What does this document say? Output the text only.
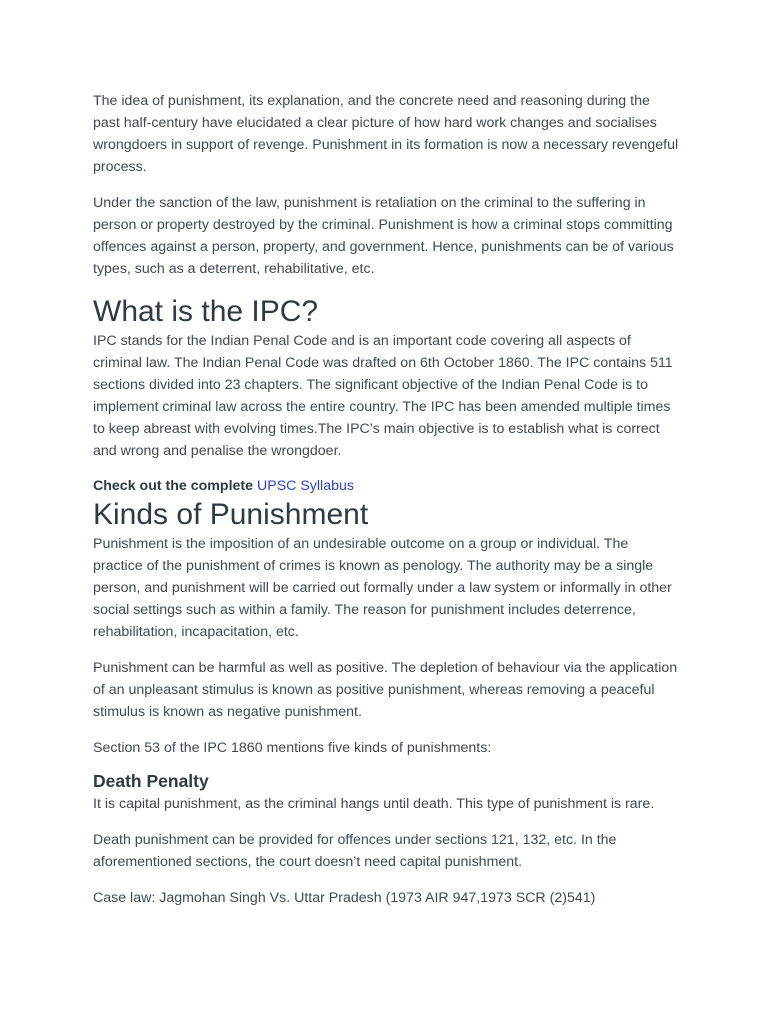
The idea of punishment, its explanation, and the concrete need and reasoning during the past half-century have elucidated a clear picture of how hard work changes and socialises wrongdoers in support of revenge. Punishment in its formation is now a necessary revengeful process.

Under the sanction of the law, punishment is retaliation on the criminal to the suffering in person or property destroyed by the criminal. Punishment is how a criminal stops committing offences against a person, property, and government. Hence, punishments can be of various types, such as a deterrent, rehabilitative, etc.

What is the IPC?

IPC stands for the Indian Penal Code and is an important code covering all aspects of criminal law. The Indian Penal Code was drafted on 6th October 1860. The IPC contains 511 sections divided into 23 chapters. The significant objective of the Indian Penal Code is to implement criminal law across the entire country. The IPC has been amended multiple times to keep abreast with evolving times.The IPC’s main objective is to establish what is correct and wrong and penalise the wrongdoer.

Check out the complete UPSC Syllabus
Kinds of Punishment

Punishment is the imposition of an undesirable outcome on a group or individual. The practice of the punishment of crimes is known as penology. The authority may be a single person, and punishment will be carried out formally under a law system or informally in other social settings such as within a family. The reason for punishment includes deterrence, rehabilitation, incapacitation, etc.

Punishment can be harmful as well as positive. The depletion of behaviour via the application of an unpleasant stimulus is known as positive punishment, whereas removing a peaceful stimulus is known as negative punishment.

Section 53 of the IPC 1860 mentions five kinds of punishments:

Death Penalty

It is capital punishment, as the criminal hangs until death. This type of punishment is rare.

Death punishment can be provided for offences under sections 121, 132, etc. In the aforementioned sections, the court doesn’t need capital punishment.

Case law: Jagmohan Singh Vs. Uttar Pradesh (1973 AIR 947,1973 SCR (2)541)
